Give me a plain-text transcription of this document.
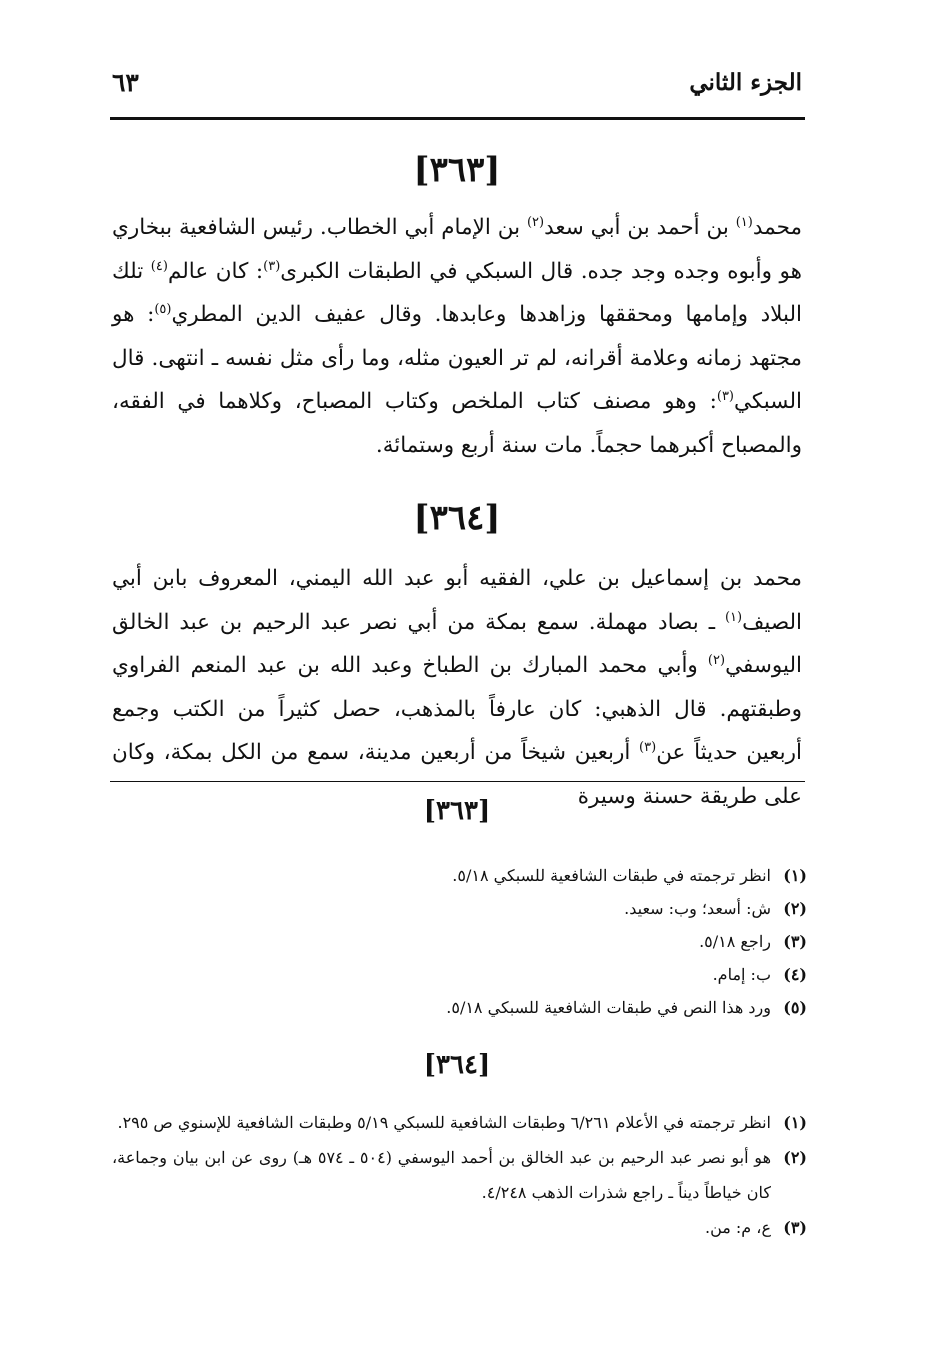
الجزء الثاني
٦٣
[٣٦٣]

محمد$^{(١)}$ بن أحمد بن أبي سعد$^{(٢)}$ بن الإمام أبي الخطاب. رئيس الشافعية ببخاري هو وأبوه وجده وجد جده. قال السبكي في الطبقات الكبرى$^{(٣)}$: كان عالم$^{(٤)}$ تلك البلاد وإمامها ومحققها وزاهدها وعابدها. وقال عفيف الدين المطري$^{(٥)}$: هو مجتهد زمانه وعلامة أقرانه، لم تر العيون مثله، وما رأى مثل نفسه ـ انتهى. قال السبكي$^{(٣)}$: وهو مصنف كتاب الملخص وكتاب المصباح، وكلاهما في الفقه، والمصباح أكبرهما حجماً. مات سنة أربع وستمائة.

[٣٦٤]

محمد بن إسماعيل بن علي، الفقيه أبو عبد الله اليمني، المعروف بابن أبي الصيف$^{(١)}$ ـ بصاد مهملة. سمع بمكة من أبي نصر عبد الرحيم بن عبد الخالق اليوسفي$^{(٢)}$ وأبي محمد المبارك بن الطباخ وعبد الله بن عبد المنعم الفراوي وطبقتهم. قال الذهبي: كان عارفاً بالمذهب، حصل كثيراً من الكتب وجمع أربعين حديثاً عن$^{(٣)}$ أربعين شيخاً من أربعين مدينة، سمع من الكل بمكة، وكان على طريقة حسنة وسيرة

[٣٦٣]
(١)
انظر ترجمته في طبقات الشافعية للسبكي ٥/١٨.
(٢)
ش: أسعد؛ وب: سعيد.
(٣)
راجع ٥/١٨.
(٤)
ب: إمام.
(٥)
ورد هذا النص في طبقات الشافعية للسبكي ٥/١٨.
[٣٦٤]
(١)
انظر ترجمته في الأعلام ٦/٢٦١ وطبقات الشافعية للسبكي ٥/١٩ وطبقات الشافعية للإسنوي ص ٢٩٥.
(٢)
هو أبو نصر عبد الرحيم بن عبد الخالق بن أحمد اليوسفي (٥٠٤ ـ ٥٧٤ هـ) روى عن ابن بيان وجماعة، كان خياطاً ديناً ـ راجع شذرات الذهب ٤/٢٤٨.
(٣)
ع، م: من.
